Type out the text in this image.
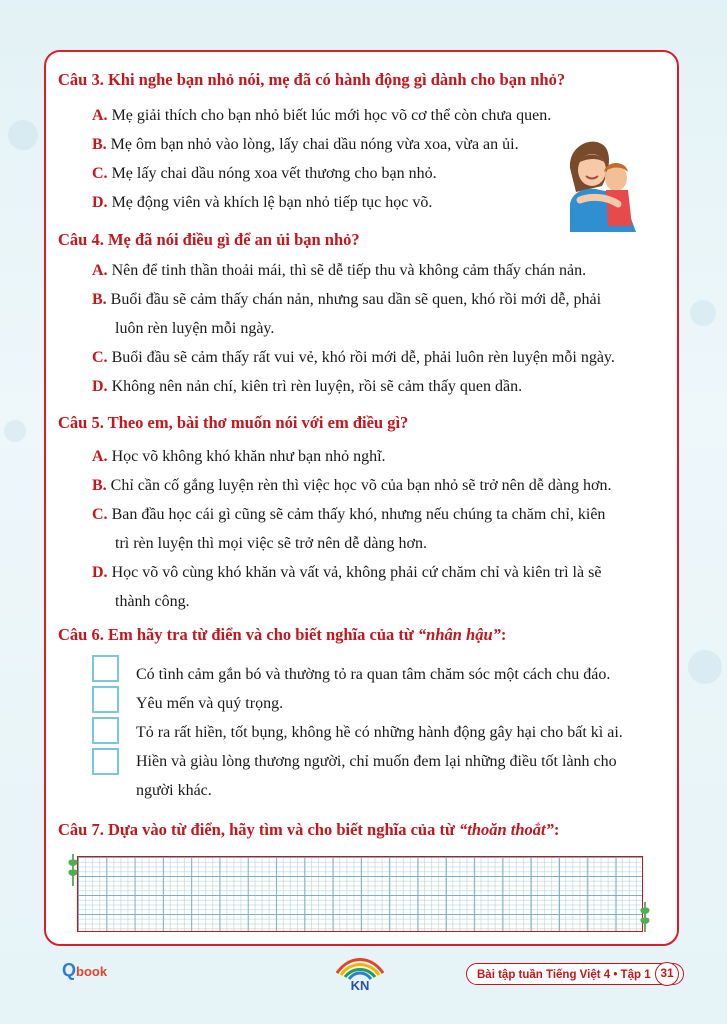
Câu 3. Khi nghe bạn nhỏ nói, mẹ đã có hành động gì dành cho bạn nhỏ?
A. Mẹ giải thích cho bạn nhỏ biết lúc mới học võ cơ thể còn chưa quen.
B. Mẹ ôm bạn nhỏ vào lòng, lấy chai dầu nóng vừa xoa, vừa an ủi.
C. Mẹ lấy chai dầu nóng xoa vết thương cho bạn nhỏ.
D. Mẹ động viên và khích lệ bạn nhỏ tiếp tục học võ.
Câu 4. Mẹ đã nói điều gì để an ủi bạn nhỏ?
A. Nên để tinh thần thoải mái, thì sẽ dễ tiếp thu và không cảm thấy chán nản.
B. Buổi đầu sẽ cảm thấy chán nản, nhưng sau dần sẽ quen, khó rồi mới dễ, phải
luôn rèn luyện mỗi ngày.
C. Buổi đầu sẽ cảm thấy rất vui vẻ, khó rồi mới dễ, phải luôn rèn luyện mỗi ngày.
D. Không nên nản chí, kiên trì rèn luyện, rồi sẽ cảm thấy quen dần.
Câu 5. Theo em, bài thơ muốn nói với em điều gì?
A. Học võ không khó khăn như bạn nhỏ nghĩ.
B. Chỉ cần cố gắng luyện rèn thì việc học võ của bạn nhỏ sẽ trở nên dễ dàng hơn.
C. Ban đầu học cái gì cũng sẽ cảm thấy khó, nhưng nếu chúng ta chăm chỉ, kiên
trì rèn luyện thì mọi việc sẽ trở nên dễ dàng hơn.
D. Học võ vô cùng khó khăn và vất vả, không phải cứ chăm chỉ và kiên trì là sẽ
thành công.
Câu 6. Em hãy tra từ điển và cho biết nghĩa của từ “nhân hậu”:
Có tình cảm gắn bó và thường tỏ ra quan tâm chăm sóc một cách chu đáo.
Yêu mến và quý trọng.
Tỏ ra rất hiền, tốt bụng, không hề có những hành động gây hại cho bất kì ai.
Hiền và giàu lòng thương người, chỉ muốn đem lại những điều tốt lành cho
người khác.
Câu 7. Dựa vào từ điển, hãy tìm và cho biết nghĩa của từ “thoăn thoắt”:
Qbook
KN
Bài tập tuần Tiếng Việt 4 • Tập 1 31
